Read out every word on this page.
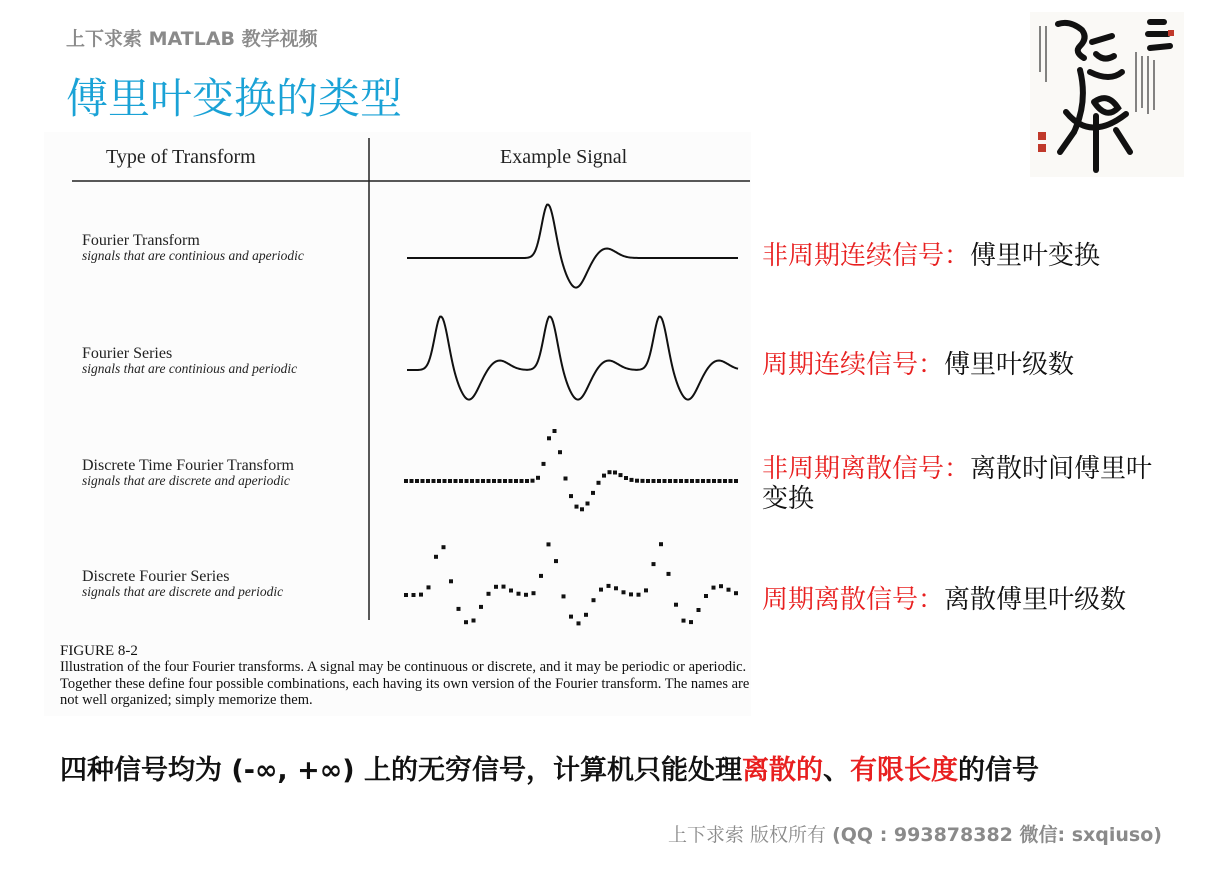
上下求索 MATLAB 教学视频
傅里叶变换的类型
Type of Transform	Example Signal
Fourier Transform
signals that are continious and aperiodic
Fourier Series
signals that are continious and periodic
Discrete Time Fourier Transform
signals that are discrete and aperiodic
Discrete Fourier Series
signals that are discrete and periodic
FIGURE 8-2
Illustration of the four Fourier transforms. A signal may be continuous or discrete, and it may be periodic or aperiodic. Together these define four possible combinations, each having its own version of the Fourier transform. The names are not well organized; simply memorize them.
非周期连续信号：傅里叶变换
周期连续信号：傅里叶级数
非周期离散信号：离散时间傅里叶变换
周期离散信号：离散傅里叶级数
四种信号均为 (-∞, +∞) 上的无穷信号，计算机只能处理离散的、有限长度的信号
上下求索 版权所有 (QQ : 993878382 微信: sxqiuso)
